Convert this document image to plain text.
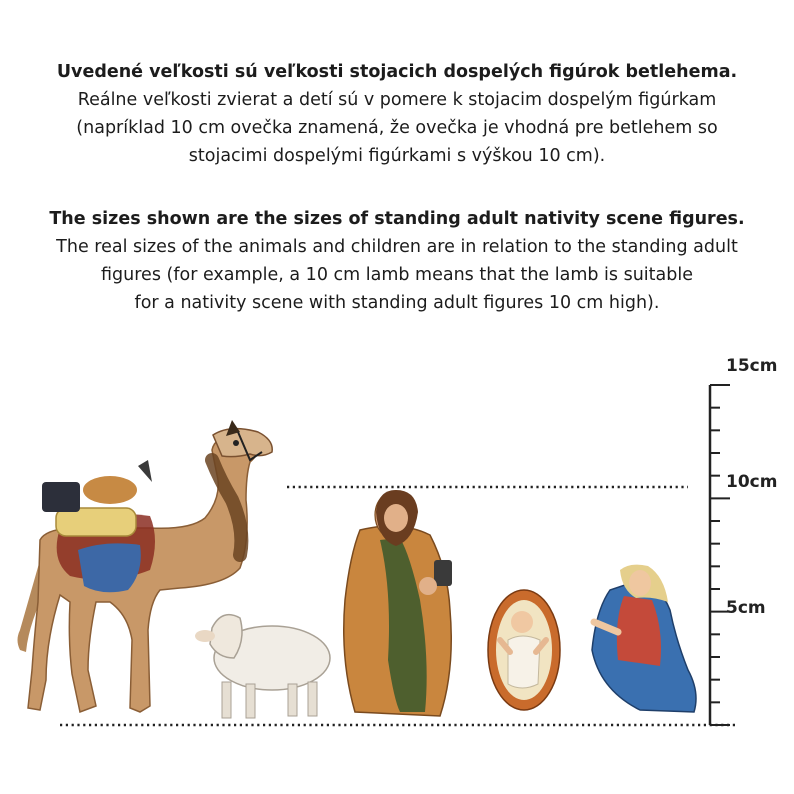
Uvedené veľkosti sú veľkosti stojacich dospelých figúrok betlehema.
Reálne veľkosti zvierat a detí sú v pomere k stojacim dospelým figúrkam
(napríklad 10 cm ovečka znamená, že ovečka je vhodná pre betlehem so
stojacimi dospelými figúrkami s výškou 10 cm).
The sizes shown are the sizes of standing adult nativity scene figures.
The real sizes of the animals and children are in relation to the standing adult
figures (for example, a 10 cm lamb means that the lamb is suitable
for a nativity scene with standing adult figures 10 cm high).
15cm
10cm
5cm
